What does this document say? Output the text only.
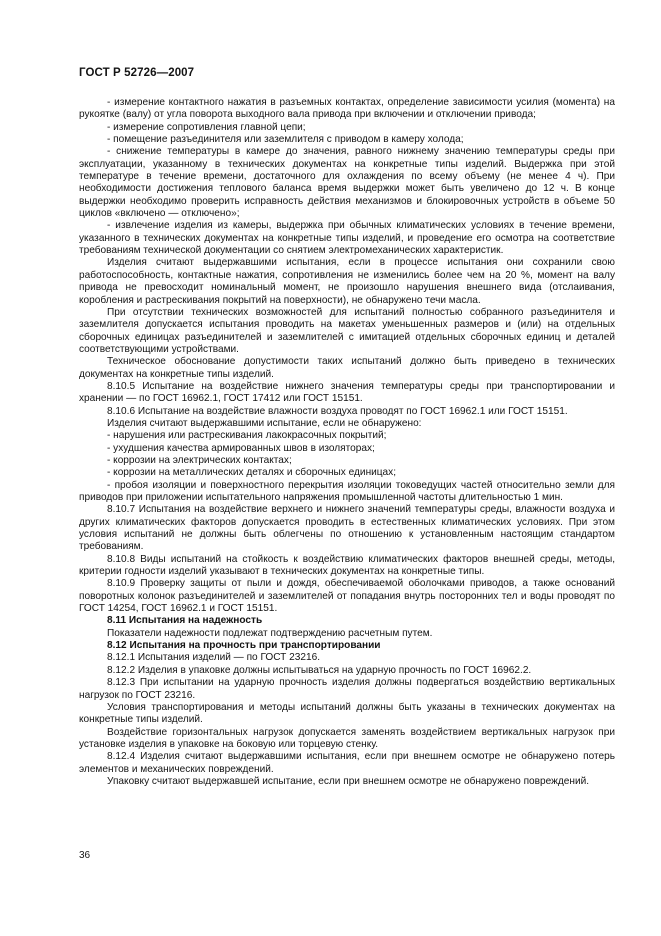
ГОСТ Р 52726—2007

- измерение контактного нажатия в разъемных контактах, определение зависимости усилия (момента) на рукоятке (валу) от угла поворота выходного вала привода при включении и отключении привода;

- измерение сопротивления главной цепи;

- помещение разъединителя или заземлителя с приводом в камеру холода;

- снижение температуры в камере до значения, равного нижнему значению температуры среды при эксплуатации, указанному в технических документах на конкретные типы изделий. Выдержка при этой температуре в течение времени, достаточного для охлаждения по всему объему (не менее 4 ч). При необходимости достижения теплового баланса время выдержки может быть увеличено до 12 ч. В конце выдержки необходимо проверить исправность действия механизмов и блокировочных устройств в объеме 50 циклов «включено — отключено»;

- извлечение изделия из камеры, выдержка при обычных климатических условиях в течение времени, указанного в технических документах на конкретные типы изделий, и проведение его осмотра на соответствие требованиям технической документации со снятием электромеханических характеристик.

Изделия считают выдержавшими испытания, если в процессе испытания они сохранили свою работоспособность, контактные нажатия, сопротивления не изменились более чем на 20 %, момент на валу привода не превосходит номинальный момент, не произошло нарушения внешнего вида (отслаивания, коробления и растрескивания покрытий на поверхности), не обнаружено течи масла.

При отсутствии технических возможностей для испытаний полностью собранного разъединителя и заземлителя допускается испытания проводить на макетах уменьшенных размеров и (или) на отдельных сборочных единицах разъединителей и заземлителей с имитацией отдельных сборочных единиц и деталей соответствующими устройствами.

Техническое обоснование допустимости таких испытаний должно быть приведено в технических документах на конкретные типы изделий.

8.10.5 Испытание на воздействие нижнего значения температуры среды при транспортировании и хранении — по ГОСТ 16962.1, ГОСТ 17412 или ГОСТ 15151.

8.10.6 Испытание на воздействие влажности воздуха проводят по ГОСТ 16962.1 или ГОСТ 15151.

Изделия считают выдержавшими испытание, если не обнаружено:

- нарушения или растрескивания лакокрасочных покрытий;

- ухудшения качества армированных швов в изоляторах;

- коррозии на электрических контактах;

- коррозии на металлических деталях и сборочных единицах;

- пробоя изоляции и поверхностного перекрытия изоляции токоведущих частей относительно земли для приводов при приложении испытательного напряжения промышленной частоты длительностью 1 мин.

8.10.7 Испытания на воздействие верхнего и нижнего значений температуры среды, влажности воздуха и других климатических факторов допускается проводить в естественных климатических условиях. При этом условия испытаний не должны быть облегчены по отношению к установленным настоящим стандартом требованиям.

8.10.8 Виды испытаний на стойкость к воздействию климатических факторов внешней среды, методы, критерии годности изделий указывают в технических документах на конкретные типы.

8.10.9 Проверку защиты от пыли и дождя, обеспечиваемой оболочками приводов, а также оснований поворотных колонок разъединителей и заземлителей от попадания внутрь посторонних тел и воды проводят по ГОСТ 14254, ГОСТ 16962.1 и ГОСТ 15151.

8.11 Испытания на надежность

Показатели надежности подлежат подтверждению расчетным путем.

8.12 Испытания на прочность при транспортировании

8.12.1 Испытания изделий — по ГОСТ 23216.

8.12.2 Изделия в упаковке должны испытываться на ударную прочность по ГОСТ 16962.2.

8.12.3 При испытании на ударную прочность изделия должны подвергаться воздействию вертикальных нагрузок по ГОСТ 23216.

Условия транспортирования и методы испытаний должны быть указаны в технических документах на конкретные типы изделий.

Воздействие горизонтальных нагрузок допускается заменять воздействием вертикальных нагрузок при установке изделия в упаковке на боковую или торцевую стенку.

8.12.4 Изделия считают выдержавшими испытания, если при внешнем осмотре не обнаружено потерь элементов и механических повреждений.

Упаковку считают выдержавшей испытание, если при внешнем осмотре не обнаружено повреждений.

36
